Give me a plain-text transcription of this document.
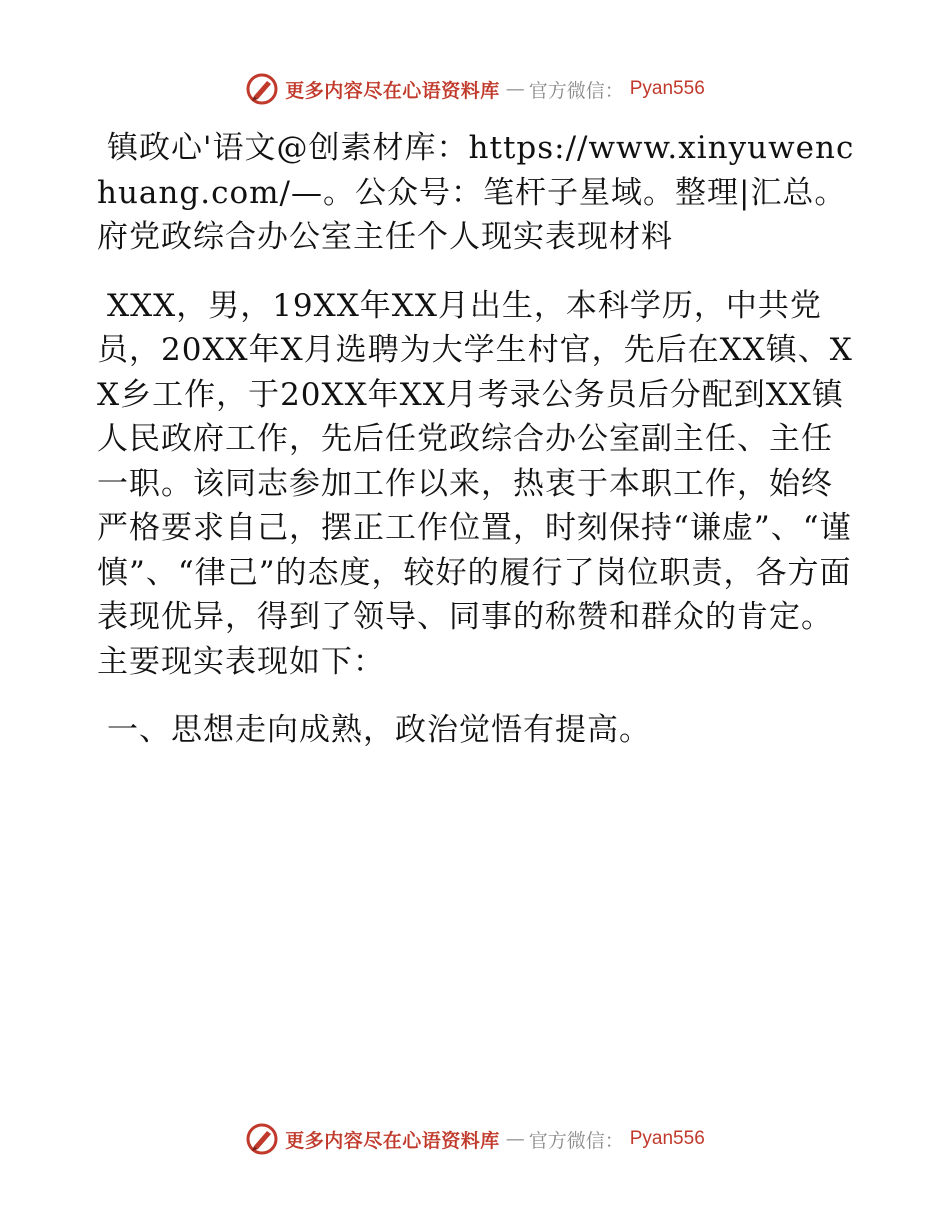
更多内容尽在心语资料库 — 官方微信： Pyan556

镇政心'语文@创素材库：https://www.xinyuwenchuang.com/—。公众号：笔杆子星域。整理|汇总。府党政综合办公室主任个人现实表现材料

XXX，男，19XX年XX月出生，本科学历，中共党员，20XX年X月选聘为大学生村官，先后在XX镇、XX乡工作，于20XX年XX月考录公务员后分配到XX镇人民政府工作，先后任党政综合办公室副主任、主任一职。该同志参加工作以来，热衷于本职工作，始终严格要求自己，摆正工作位置，时刻保持“谦虚”、“谨慎”、“律己”的态度，较好的履行了岗位职责，各方面表现优异，得到了领导、同事的称赞和群众的肯定。主要现实表现如下：

一、思想走向成熟，政治觉悟有提高。

更多内容尽在心语资料库 — 官方微信： Pyan556
